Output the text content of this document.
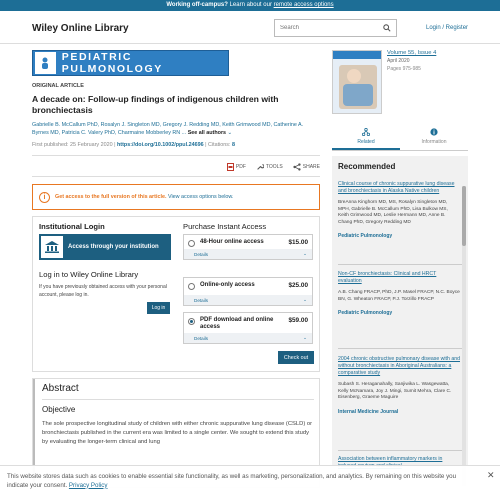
Working off-campus? Learn about our remote access options
Wiley Online Library
Search	Login / Register
PEDIATRIC PULMONOLOGY
ORIGINAL ARTICLE
A decade on: Follow-up findings of indigenous children with bronchiectasis
Gabrielle B. McCallum PhD, Rosalyn J. Singleton MD, Gregory J. Redding MD, Keith Grimwood MD, Catherine A. Byrnes MD, Patricia C. Valery PhD, Charmaine Mobberley RN ... See all authors ⌄
First published: 25 February 2020 | https://doi.org/10.1002/ppul.24696 | Citations: 8
PDF	TOOLS	SHARE
i	Get access to the full version of this article. View access options below.
Institutional Login
Access through your institution
Log in to Wiley Online Library
If you have previously obtained access with your personal account, please log in.
Log in
Purchase Instant Access
48-Hour online access	$15.00
Details	⌄
Online-only access	$25.00
Details	⌄
PDF download and online access
$59.00
Details	⌄
Check out
Abstract
Objective
The sole prospective longitudinal study of children with either chronic suppurative lung disease (CSLD) or bronchiectasis published in the current era was limited to a single center. We sought to extend this study by evaluating the longer-term clinical and lung
Volume 55, Issue 4
April 2020
Pages 975-985
Related	Information
Recommended
Clinical course of chronic suppurative lung disease and bronchiectasis in Alaska Native children
BreAnna Kinghorn MD, MS, Rosalyn Singleton MD, MPH, Gabrielle B. McCallum PhD, Lisa Bulkow MS, Keith Grimwood MD, Leslie Hermann MD, Anne B. Chang PhD, Gregory Redding MD
Pediatric Pulmonology
Non-CF bronchiectasis: Clinical and HRCT evaluation
A.B. Chang FRACP, PhD, J.P. Masel FRACP, N.C. Boyce BN, G. Wheaton FRACP, P.J. Torzillo FRACP
Pediatric Pulmonology
2004 chronic obstructive pulmonary disease with and without bronchiectasis in Aboriginal Australians: a comparative study
Subash S. Heraganahally, Sanjiwika L. Wasgewatta, Kelly McNamara, Joy J. Mingi, Sumit Mehra, Clare C. Eisenberg, Graeme Maguire
Internal Medicine Journal
Association between inflammatory markers in
This website stores data such as cookies to enable essential site functionality, as well as marketing, personalization, and analytics. By remaining on this website you indicate your consent. Privacy Policy
✕
